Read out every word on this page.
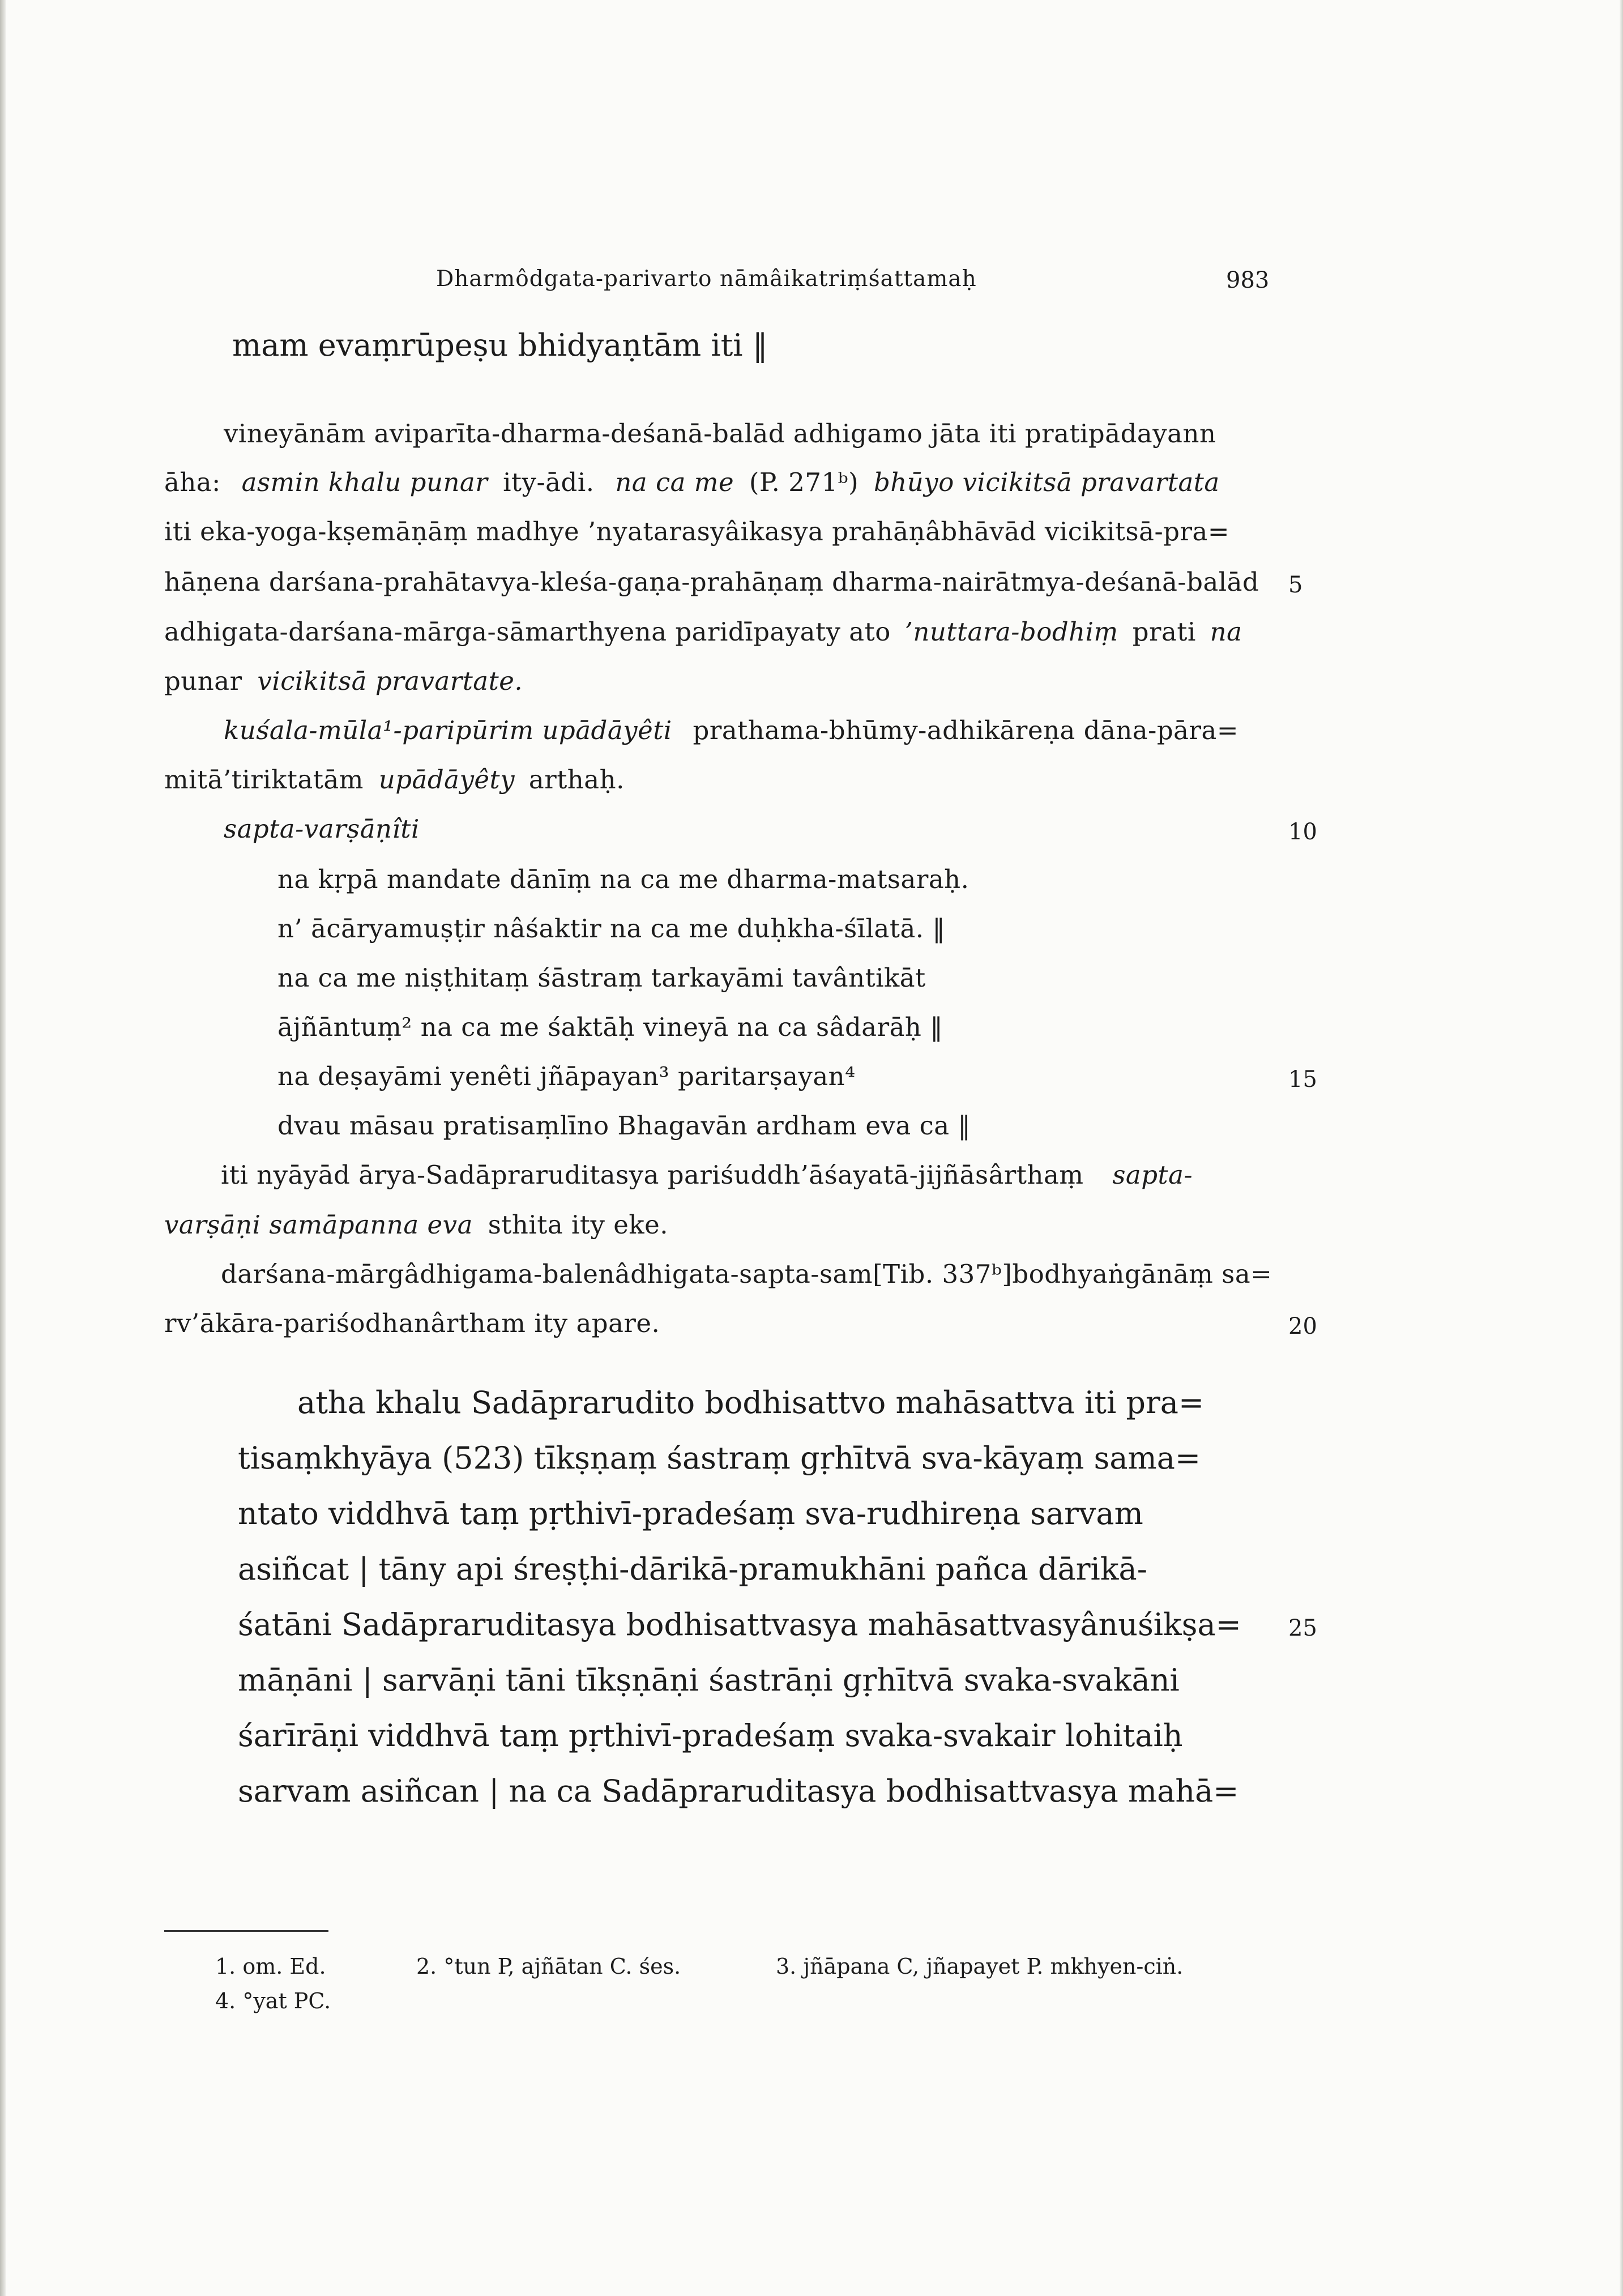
Dharmôdgata-parivarto nāmâikatriṃśattamaḥ	983
mam evaṃrūpeṣu bhidyaṇtām iti ‖
vineyānām aviparīta-dharma-deśanā-balād adhigamo jāta iti pratipādayann
āha: asmin khalu punar ity-ādi. na ca me (P. 271ᵇ) bhūyo vicikitsā pravartata
iti eka-yoga-kṣemāṇāṃ madhye ’nyatarasyâikasya prahāṇâbhāvād vicikitsā-pra=
hāṇena darśana-prahātavya-kleśa-gaṇa-prahāṇaṃ dharma-nairātmya-deśanā-balād 5
adhigata-darśana-mārga-sāmarthyena paridīpayaty ato ’nuttara-bodhiṃ prati na
punar vicikitsā pravartate.
kuśala-mūla¹-paripūrim upādāyêti prathama-bhūmy-adhikāreṇa dāna-pāra=
mitā’tiriktatām upādāyêty arthaḥ.
sapta-varṣāṇîti	10
na kṛpā mandate dānīṃ na ca me dharma-matsaraḥ.
n’ ācāryamuṣṭir nâśaktir na ca me duḥkha-śīlatā. ‖
na ca me niṣṭhitaṃ śāstraṃ tarkayāmi tavântikāt
ājñāntuṃ² na ca me śaktāḥ vineyā na ca sâdarāḥ ‖
na deṣayāmi yenêti jñāpayan³ paritarṣayan⁴	15
dvau māsau pratisaṃlīno Bhagavān ardham eva ca ‖
iti nyāyād ārya-Sadāpraruditasya pariśuddh’āśayatā-jijñāsârthaṃ sapta-
varṣāṇi samāpanna eva sthita ity eke.
darśana-mārgâdhigama-balenâdhigata-sapta-sam[Tib. 337ᵇ]bodhyaṅgānāṃ sa=
rv’ākāra-pariśodhanârtham ity apare.	20
atha khalu Sadāprarudito bodhisattvo mahāsattva iti pra=
tisaṃkhyāya (523) tīkṣṇaṃ śastraṃ gṛhītvā sva-kāyaṃ sama=
ntato viddhvā taṃ pṛthivī-pradeśaṃ sva-rudhireṇa sarvam
asiñcat | tāny api śreṣṭhi-dārikā-pramukhāni pañca dārikā-
śatāni Sadāpraruditasya bodhisattvasya mahāsattvasyânuśikṣa= 25
māṇāni | sarvāṇi tāni tīkṣṇāṇi śastrāṇi gṛhītvā svaka-svakāni
śarīrāṇi viddhvā taṃ pṛthivī-pradeśaṃ svaka-svakair lohitaiḥ
sarvam asiñcan | na ca Sadāpraruditasya bodhisattvasya mahā=
1. om. Ed.	2. °tun P, ajñātan C. śes.	3. jñāpana C, jñapayet P. mkhyen-ciṅ.
4. °yat PC.
